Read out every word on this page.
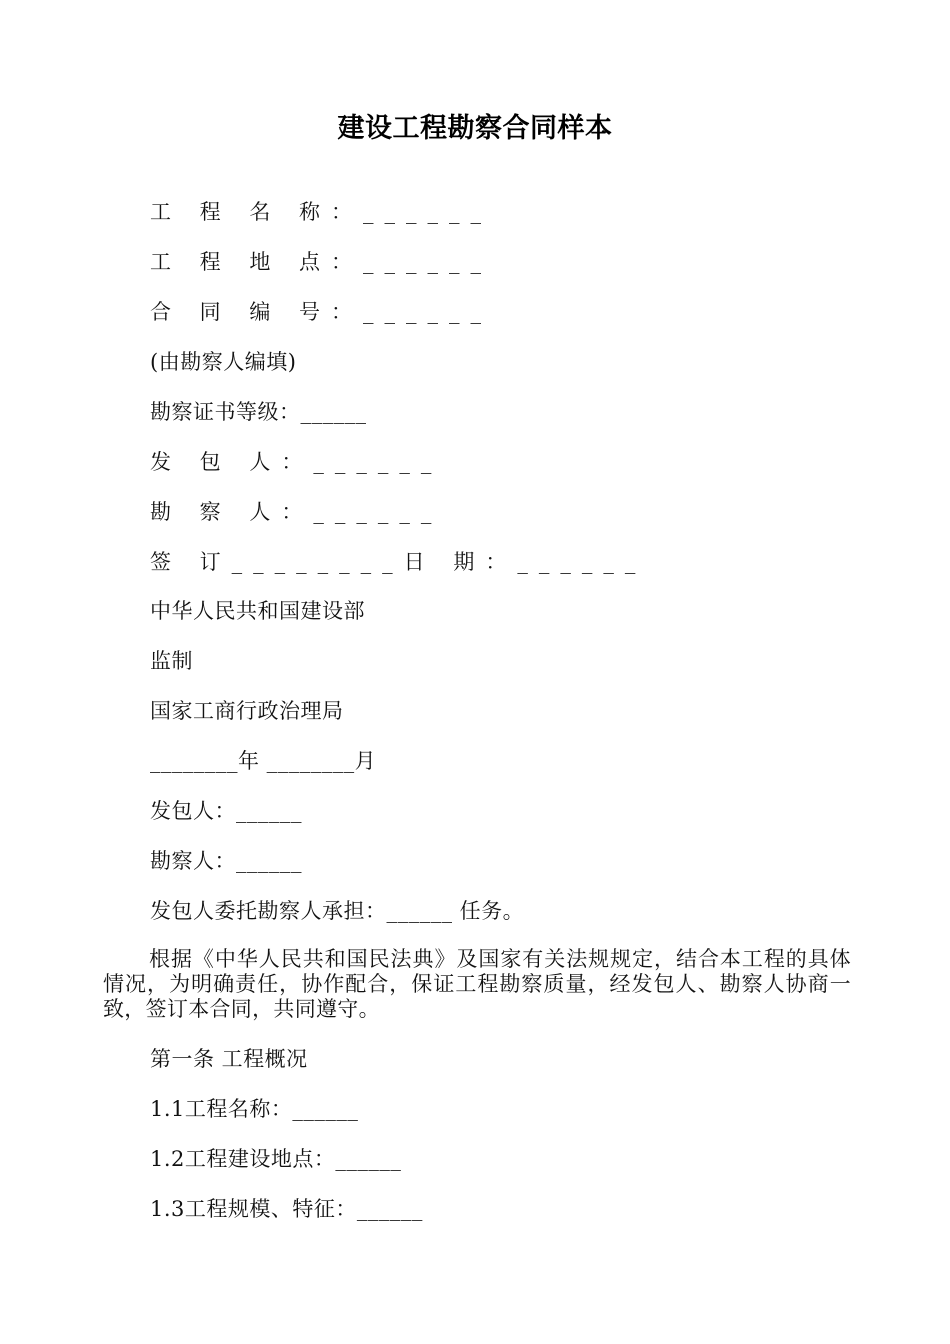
建设工程勘察合同样本
工 程 名 称：______
工 程 地 点：______
合 同 编 号：______
(由勘察人编填)
勘察证书等级：______
发 包 人：______
勘 察 人：______
签 订________日 期：______
中华人民共和国建设部
监制
国家工商行政治理局
________年 ________月
发包人：______
勘察人：______
发包人委托勘察人承担：______ 任务。
根据《中华人民共和国民法典》及国家有关法规规定，结合本工程的具体情况，为明确责任，协作配合，保证工程勘察质量，经发包人、勘察人协商一致，签订本合同，共同遵守。
第一条 工程概况
1.1工程名称：______
1.2工程建设地点：______
1.3工程规模、特征：______
